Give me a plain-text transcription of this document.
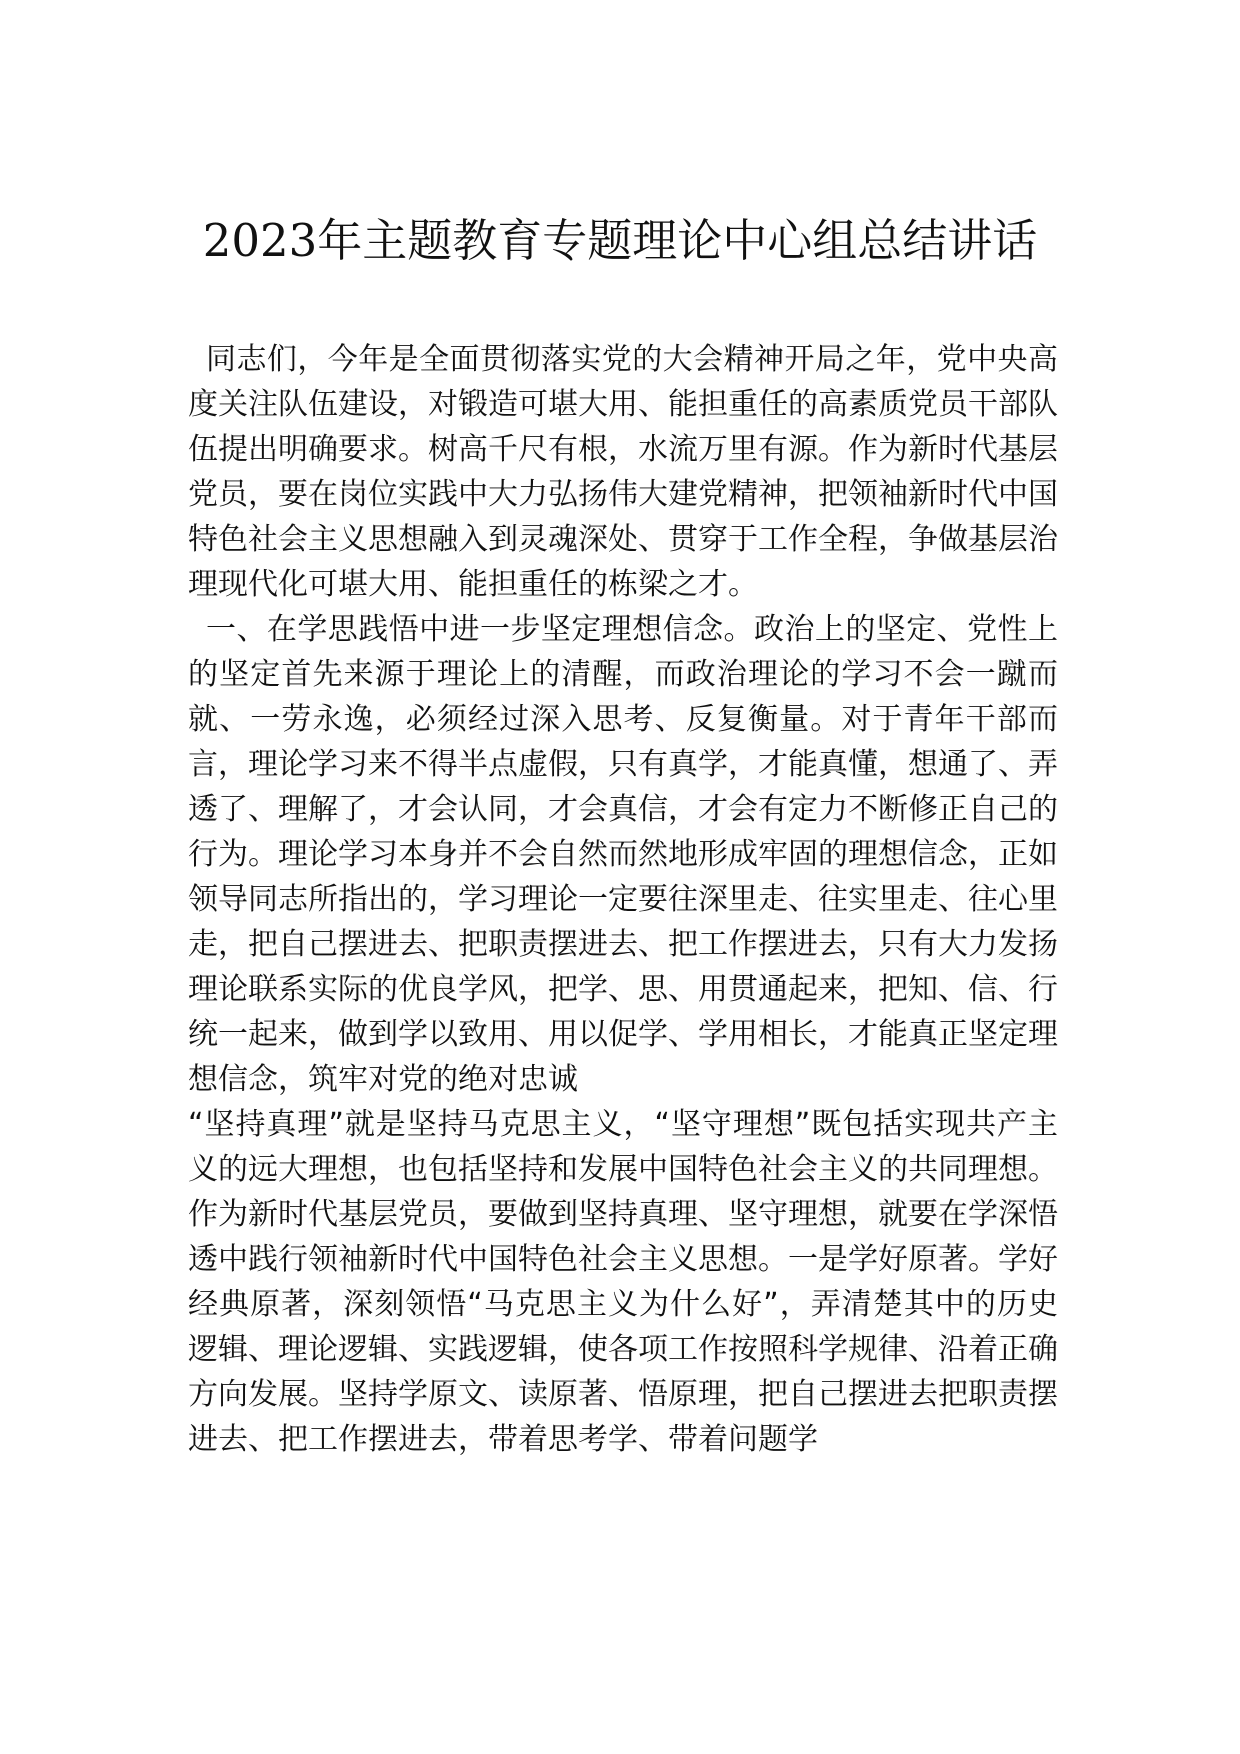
2023年主题教育专题理论中心组总结讲话

同志们，今年是全面贯彻落实党的大会精神开局之年，党中央高度关注队伍建设，对锻造可堪大用、能担重任的高素质党员干部队伍提出明确要求。树高千尺有根，水流万里有源。作为新时代基层党员，要在岗位实践中大力弘扬伟大建党精神，把领袖新时代中国特色社会主义思想融入到灵魂深处、贯穿于工作全程，争做基层治理现代化可堪大用、能担重任的栋梁之才。

一、在学思践悟中进一步坚定理想信念。政治上的坚定、党性上的坚定首先来源于理论上的清醒，而政治理论的学习不会一蹴而就、一劳永逸，必须经过深入思考、反复衡量。对于青年干部而言，理论学习来不得半点虚假，只有真学，才能真懂，想通了、弄透了、理解了，才会认同，才会真信，才会有定力不断修正自己的行为。理论学习本身并不会自然而然地形成牢固的理想信念，正如领导同志所指出的，学习理论一定要往深里走、往实里走、往心里走，把自己摆进去、把职责摆进去、把工作摆进去，只有大力发扬理论联系实际的优良学风，把学、思、用贯通起来，把知、信、行统一起来，做到学以致用、用以促学、学用相长，才能真正坚定理想信念，筑牢对党的绝对忠诚

“坚持真理”就是坚持马克思主义，“坚守理想”既包括实现共产主义的远大理想，也包括坚持和发展中国特色社会主义的共同理想。作为新时代基层党员，要做到坚持真理、坚守理想，就要在学深悟透中践行领袖新时代中国特色社会主义思想。一是学好原著。学好经典原著，深刻领悟“马克思主义为什么好”，弄清楚其中的历史逻辑、理论逻辑、实践逻辑，使各项工作按照科学规律、沿着正确方向发展。坚持学原文、读原著、悟原理，把自己摆进去把职责摆进去、把工作摆进去，带着思考学、带着问题学
